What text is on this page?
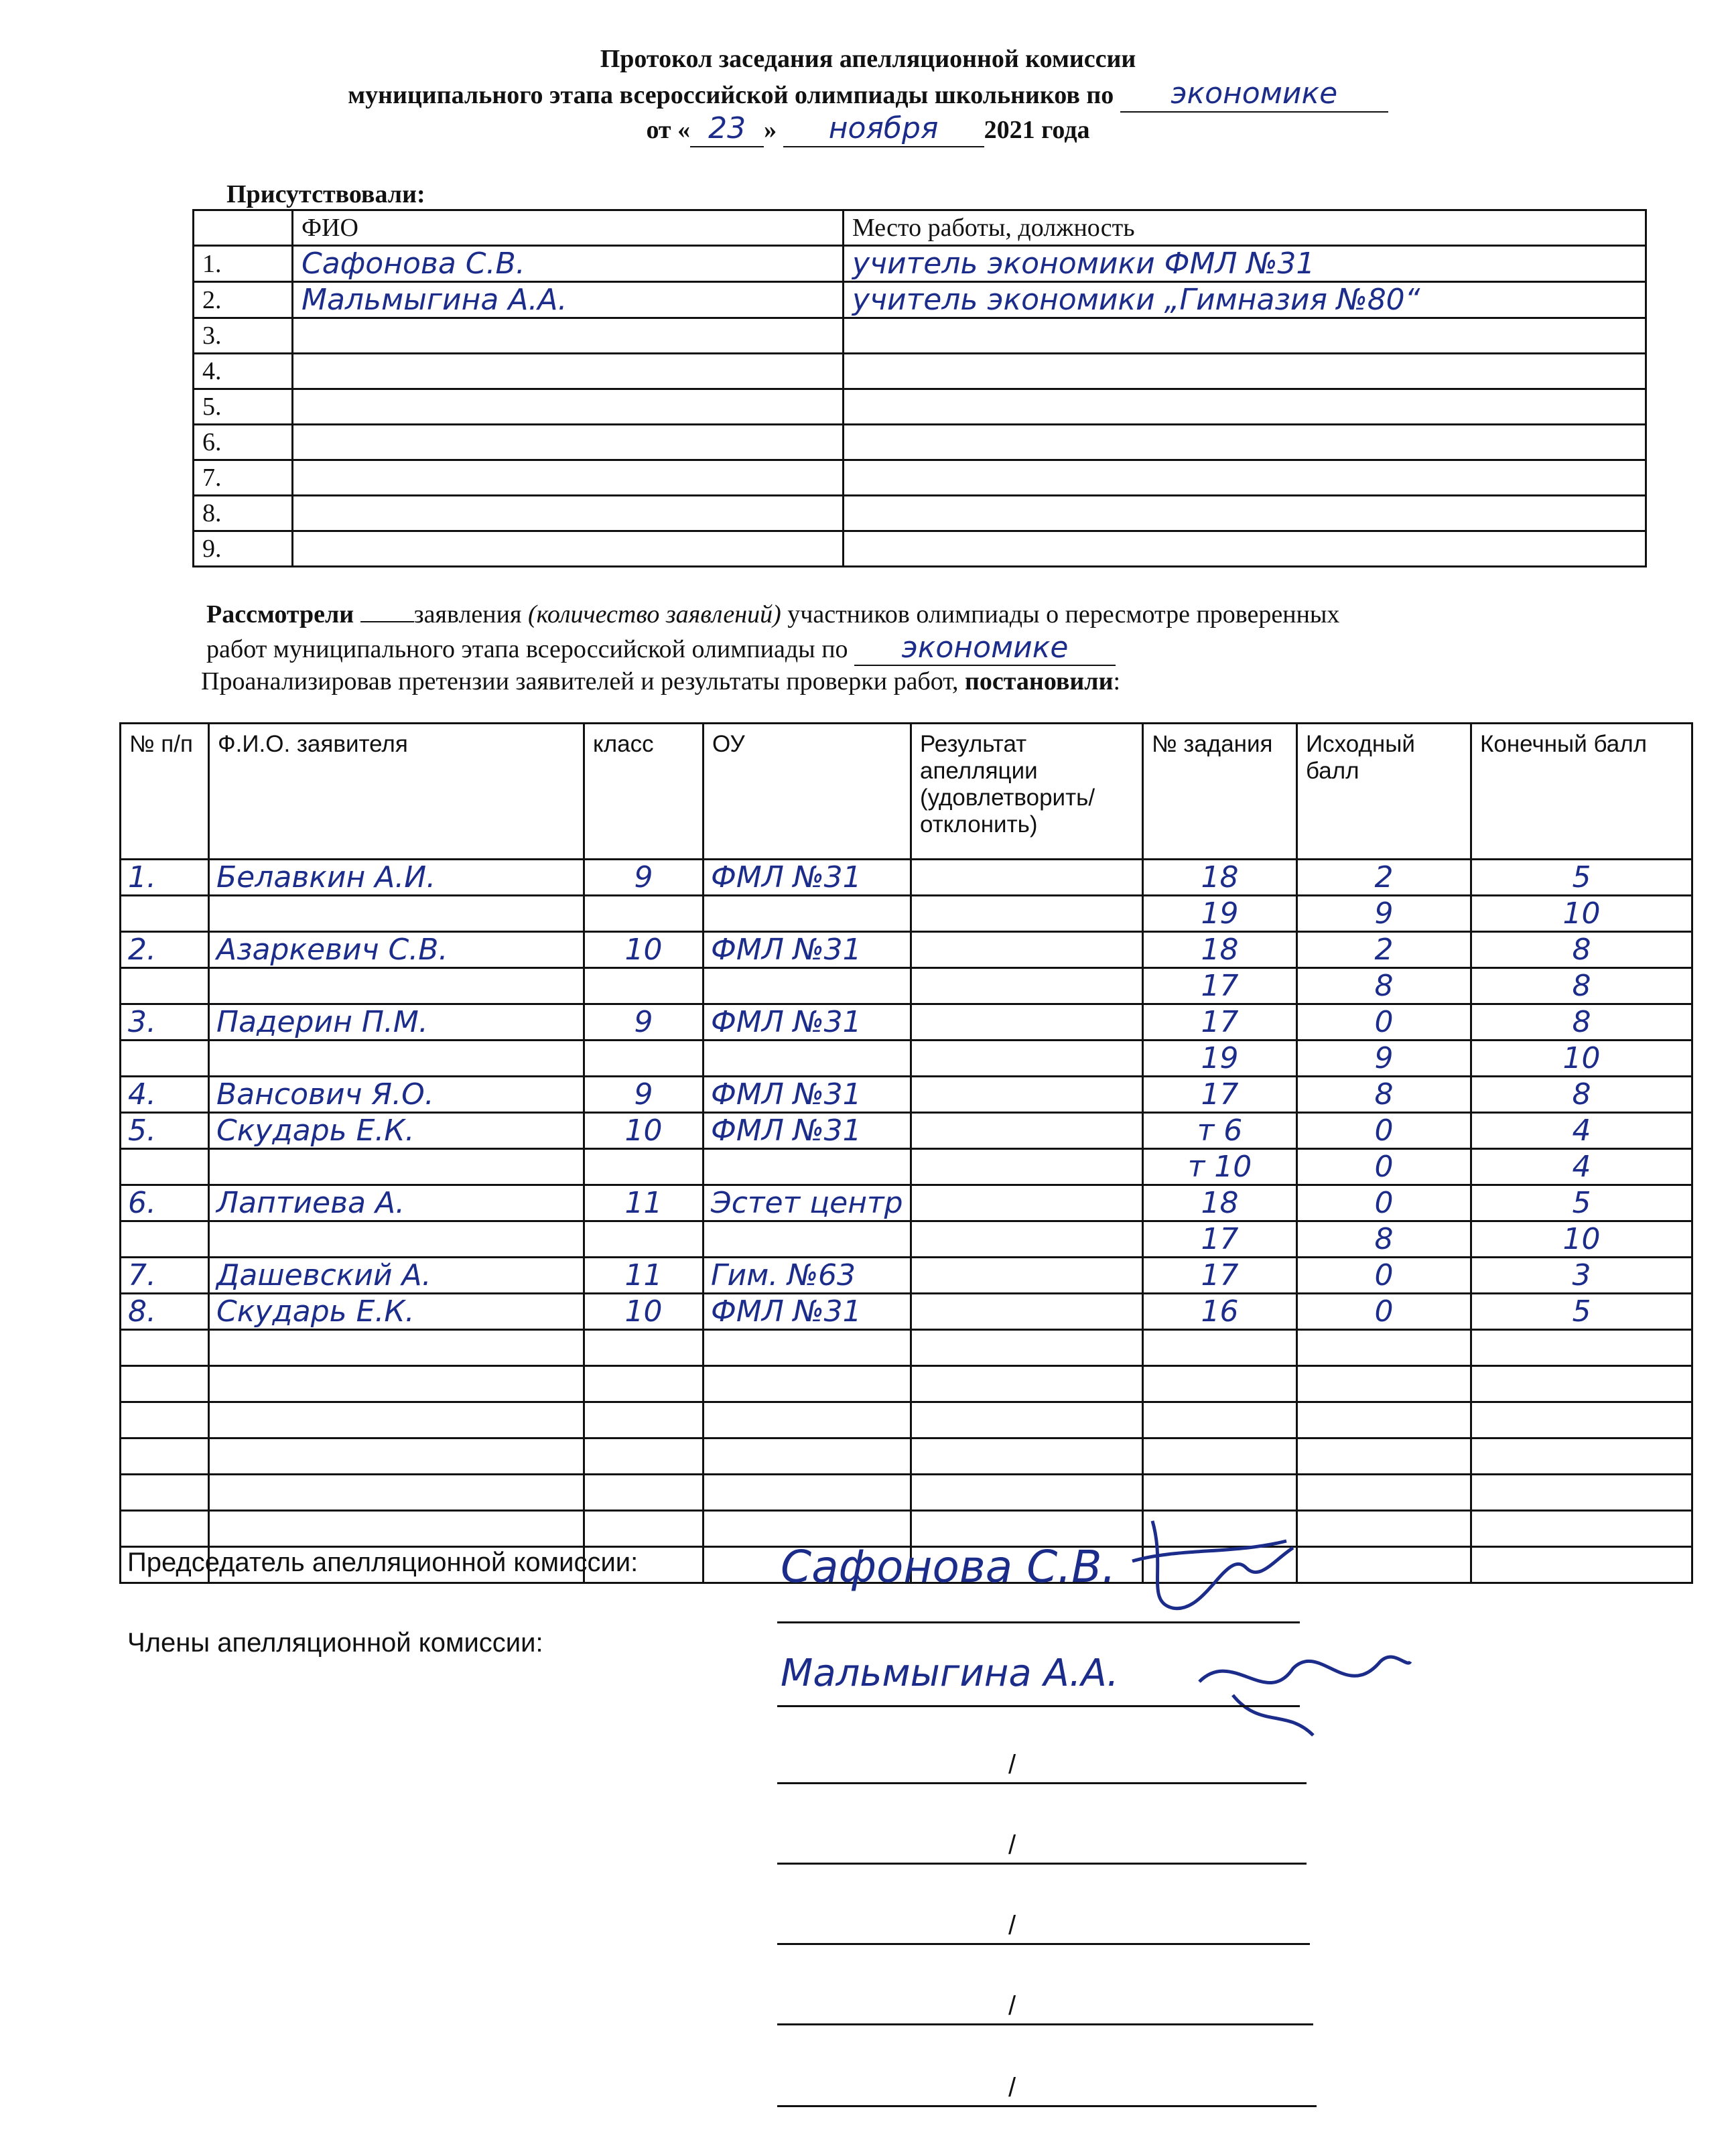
Протокол заседания апелляционной комиссии
муниципального этапа всероссийской олимпиады школьников по экономике
от « 23 » ноября 2021 года
Присутствовали:
	ФИО	Место работы, должность
1.	Сафонова С.В.	учитель экономики ФМЛ №31
2.	Мальмыгина А.А.	учитель экономики „Гимназия №80“
3.		
4.		
5.		
6.		
7.		
8.		
9.		
Рассмотрели заявления (количество заявлений) участников олимпиады о пересмотре проверенных
работ муниципального этапа всероссийской олимпиады по экономике
Проанализировав претензии заявителей и результаты проверки работ, постановили:
№ п/п	Ф.И.О. заявителя	класс	ОУ	Результат апелляции (удовлетворить/ отклонить)	№ задания	Исходный балл	Конечный балл
1.	Белавкин А.И.	9	ФМЛ №31		18	2	5
					19	9	10
2.	Азаркевич С.В.	10	ФМЛ №31		18	2	8
					17	8	8
3.	Падерин П.М.	9	ФМЛ №31		17	0	8
					19	9	10
4.	Вансович Я.О.	9	ФМЛ №31		17	8	8
5.	Скударь Е.К.	10	ФМЛ №31		т 6	0	4
					т 10	0	4
6.	Лаптиева А.	11	Эстет центр		18	0	5
					17	8	10
7.	Дашевский А.	11	Гим. №63		17	0	3
8.	Скударь Е.К.	10	ФМЛ №31		16	0	5

Председатель апелляционной комиссии:
Члены апелляционной комиссии:
Сафонова С.В.
Мальмыгина А.А.
/
/
/
/
/
